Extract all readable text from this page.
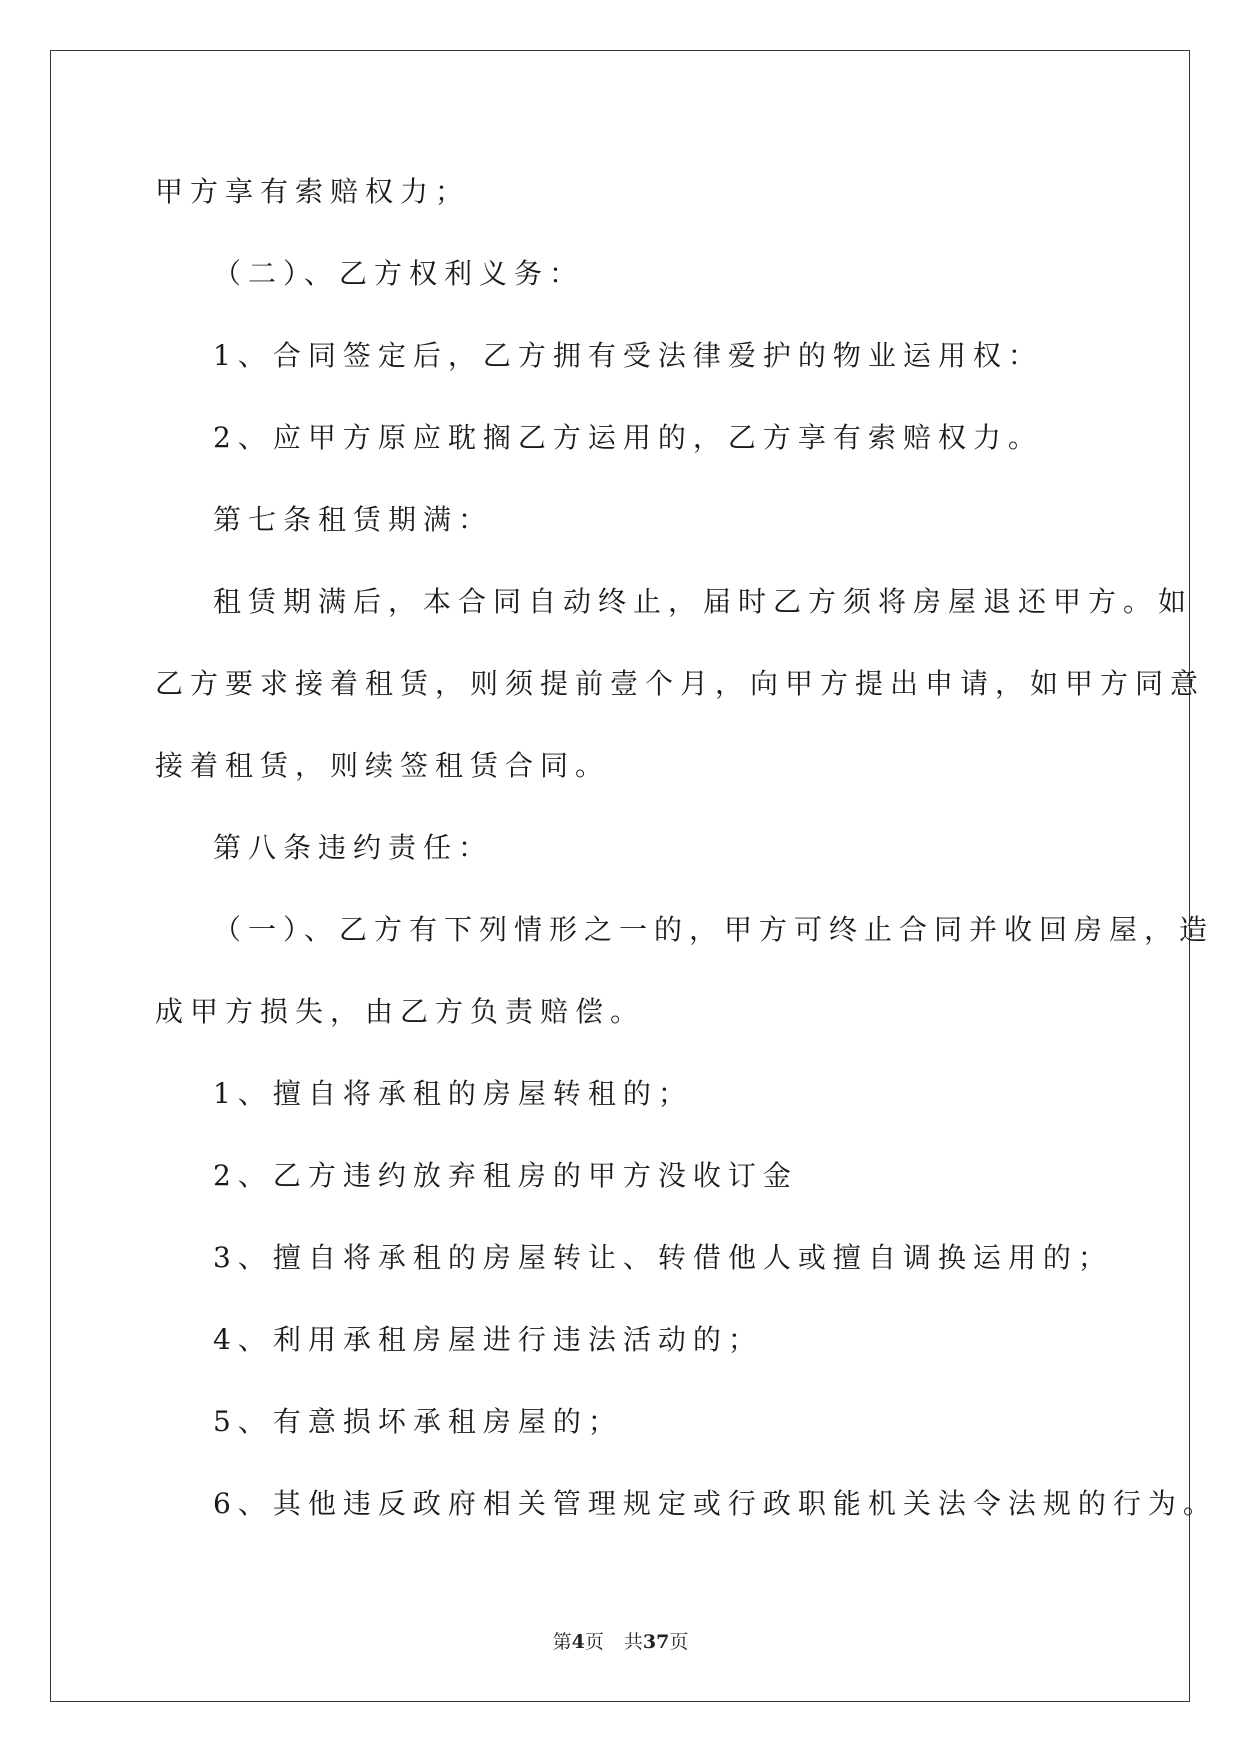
甲方享有索赔权力；
（二）、乙方权利义务：
1、合同签定后，乙方拥有受法律爱护的物业运用权：
2、应甲方原应耽搁乙方运用的，乙方享有索赔权力。
第七条租赁期满：
租赁期满后，本合同自动终止，届时乙方须将房屋退还甲方。如
乙方要求接着租赁，则须提前壹个月，向甲方提出申请，如甲方同意
接着租赁，则续签租赁合同。
第八条违约责任：
（一）、乙方有下列情形之一的，甲方可终止合同并收回房屋，造
成甲方损失，由乙方负责赔偿。
1、擅自将承租的房屋转租的；
2、乙方违约放弃租房的甲方没收订金
3、擅自将承租的房屋转让、转借他人或擅自调换运用的；
4、利用承租房屋进行违法活动的；
5、有意损坏承租房屋的；
6、其他违反政府相关管理规定或行政职能机关法令法规的行为。
第4页 共37页
